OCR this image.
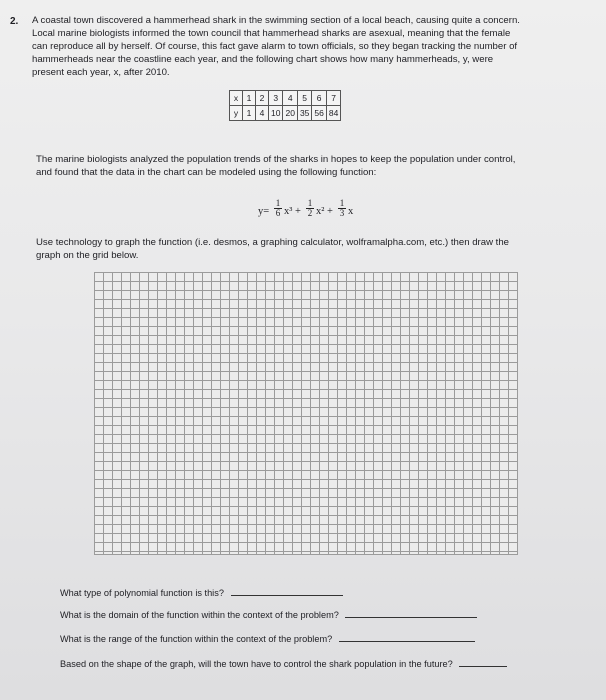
2. A coastal town discovered a hammerhead shark in the swimming section of a local beach, causing quite a concern.
Local marine biologists informed the town council that hammerhead sharks are asexual, meaning that the female
can reproduce all by herself. Of course, this fact gave alarm to town officials, so they began tracking the number of
hammerheads near the coastline each year, and the following chart shows how many hammerheads, y, were
present each year, x, after 2010.
x	1	2	3	4	5	6	7
y	1	4	10	20	35	56	84
The marine biologists analyzed the population trends of the sharks in hopes to keep the population under control,
and found that the data in the chart can be modeled using the following function:
$y= \frac{1}{6} x^3 + \frac{1}{2} x^2 + \frac{1}{3}$ x
Use technology to graph the function (i.e. desmos, a graphing calculator, wolframalpha.com, etc.) then draw the
graph on the grid below.
What type of polynomial function is this?
What is the domain of the function within the context of the problem?
What is the range of the function within the context of the problem?
Based on the shape of the graph, will the town have to control the shark population in the future?
